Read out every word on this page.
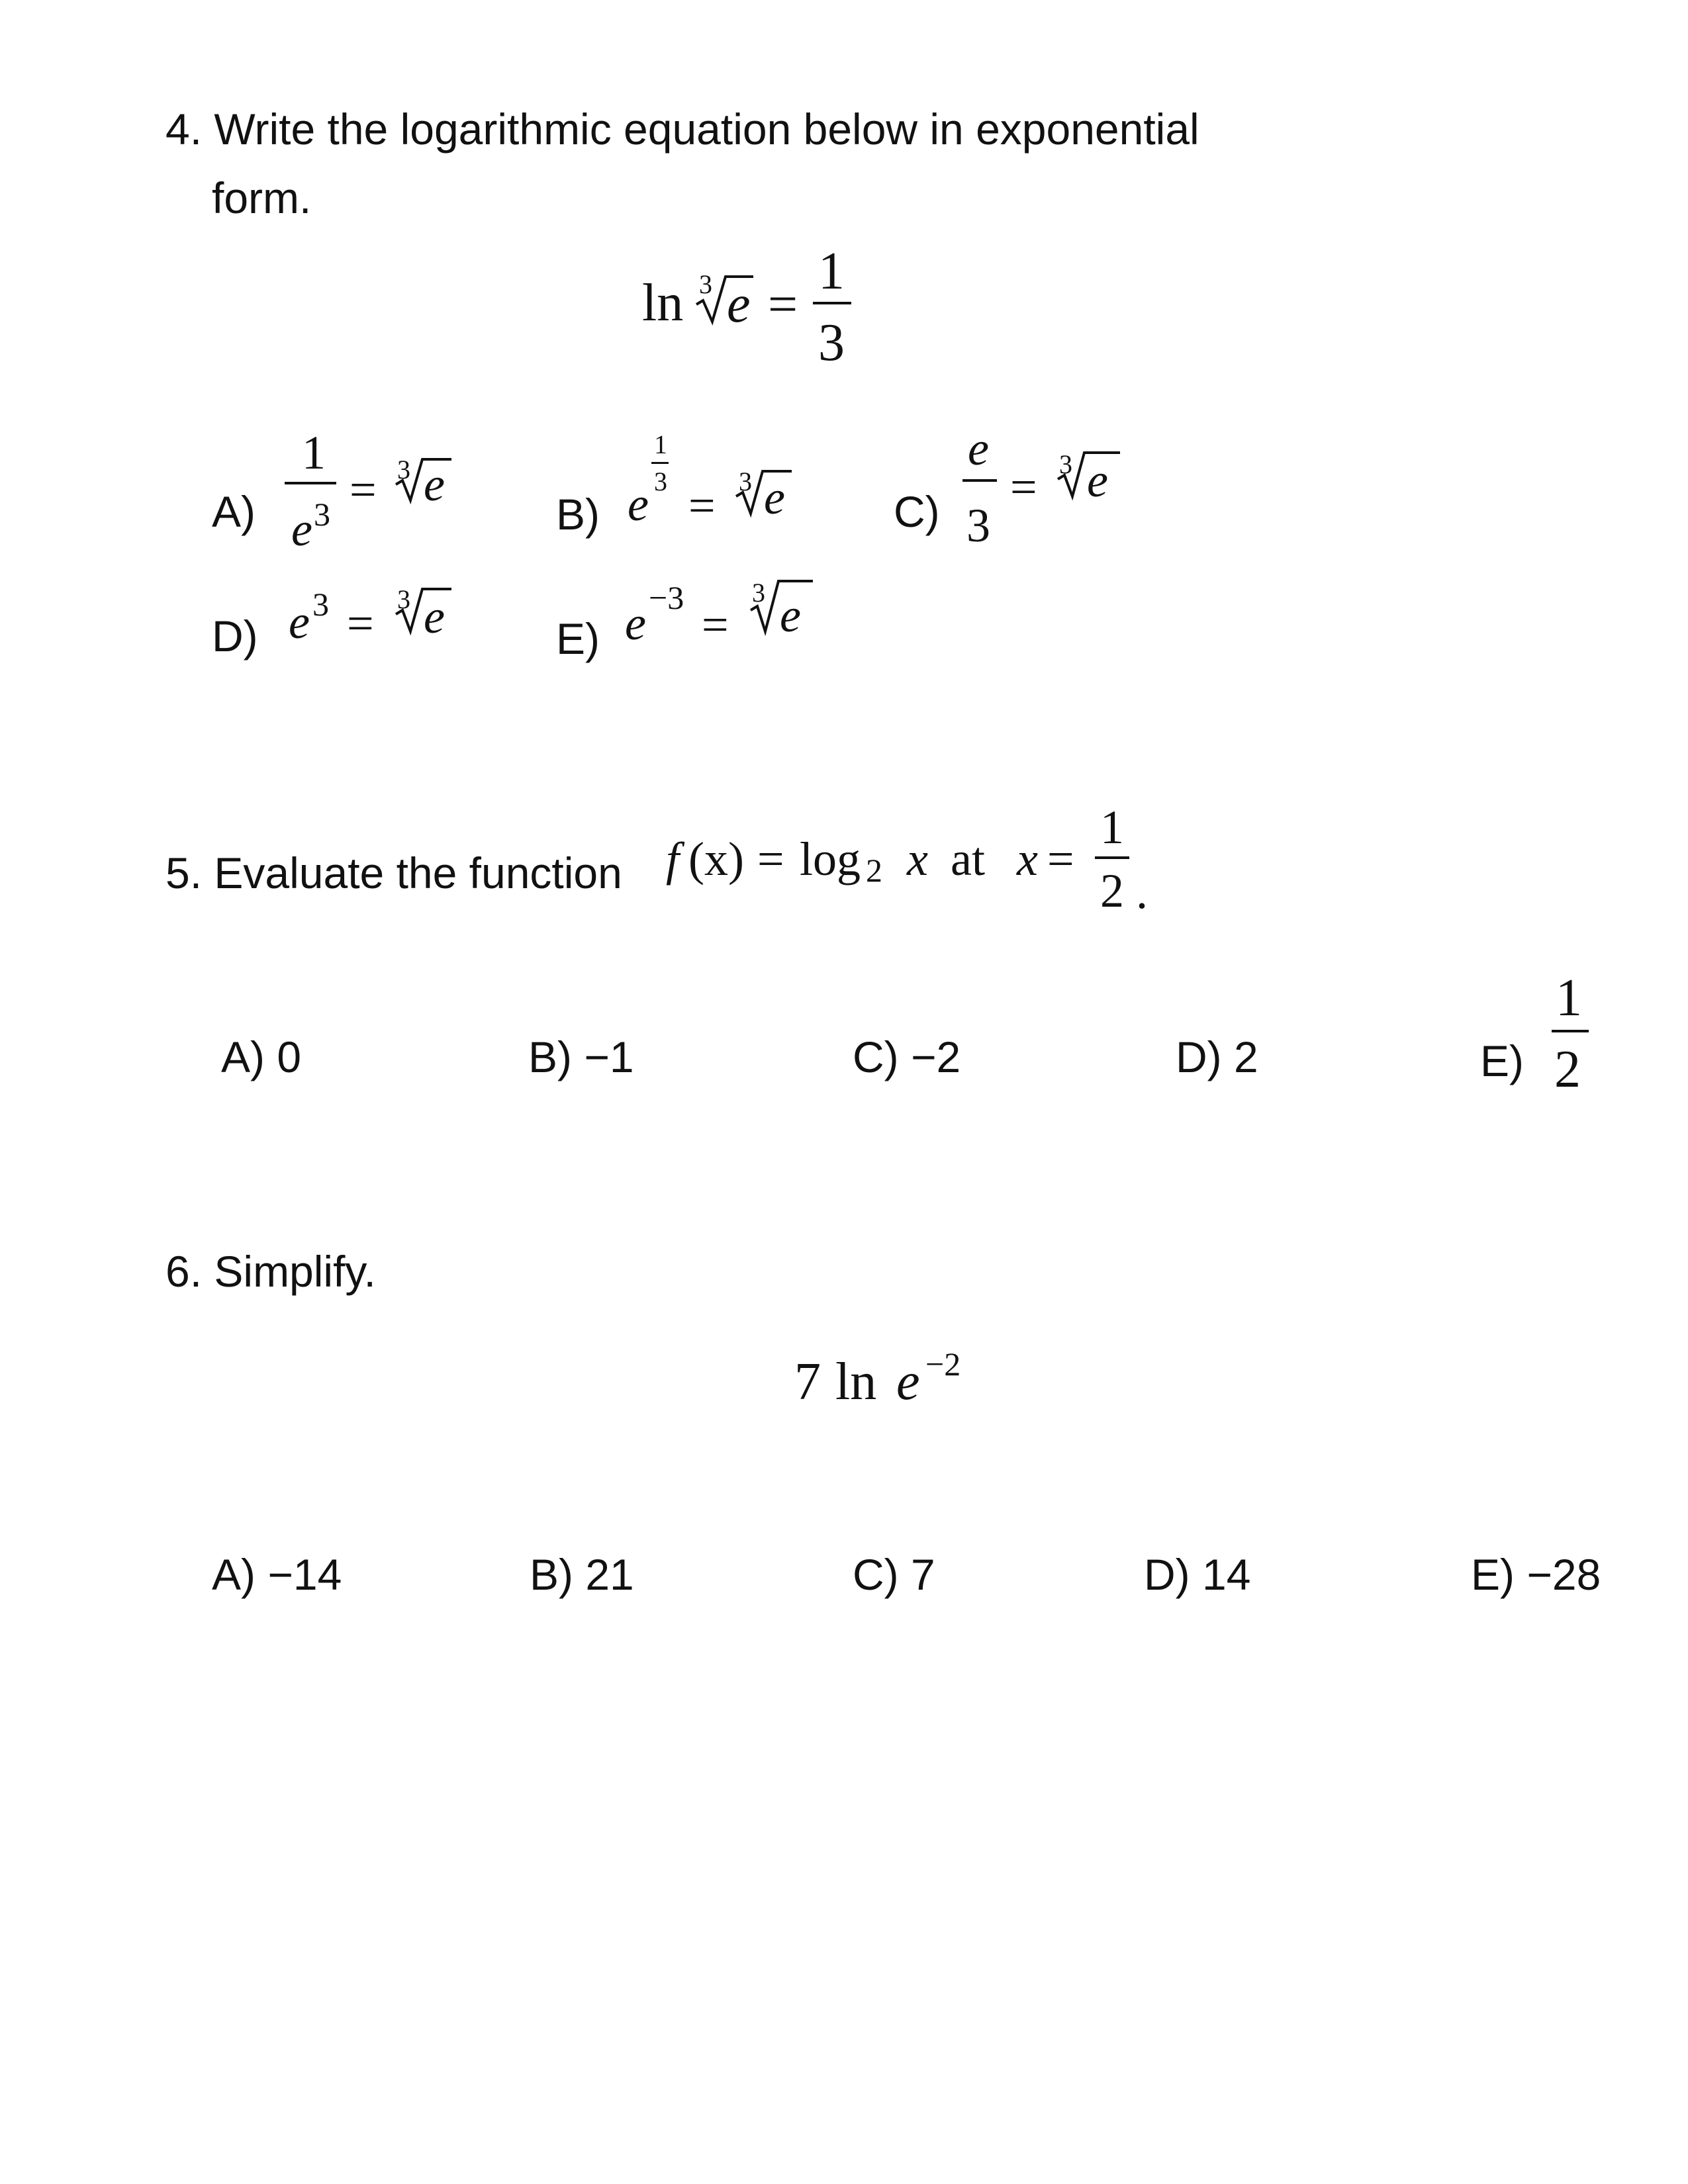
4. Write the logarithmic equation below in exponential
form.
ln 3 e =
1
3
A)
1
e 3 = 3 e
B) e
1
3 = 3 e C)
e
3
= 3 e
D) e 3 = 3 e	E) e −3
=
3 e
5. Evaluate the function f (x) = log 2 x at x =
1
2 .
A) 0	B) −1	C) −2	D) 2	E)
1
2
6. Simplify.
7 ln e −2
A) −14	B) 21	C) 7	D) 14	E) −28
